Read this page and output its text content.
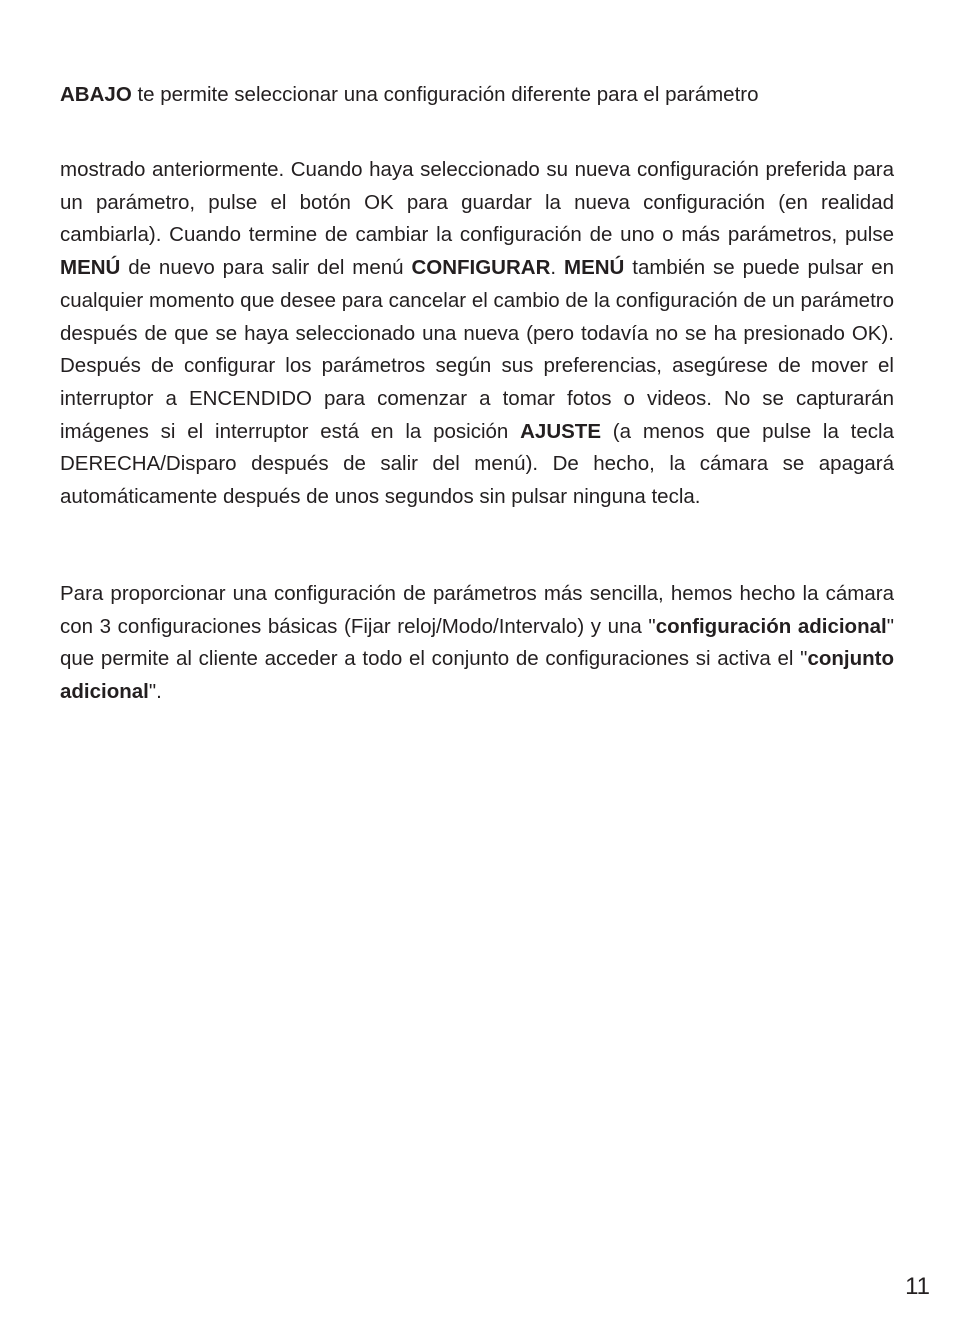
ABAJO te permite seleccionar una configuración diferente para el parámetro

mostrado anteriormente. Cuando haya seleccionado su nueva configuración preferida para un parámetro, pulse el botón OK para guardar la nueva configuración (en realidad cambiarla). Cuando termine de cambiar la configuración de uno o más parámetros, pulse MENÚ de nuevo para salir del menú CONFIGURAR. MENÚ también se puede pulsar en cualquier momento que desee para cancelar el cambio de la configuración de un parámetro después de que se haya seleccionado una nueva (pero todavía no se ha presionado OK). Después de configurar los parámetros según sus preferencias, asegúrese de mover el interruptor a ENCENDIDO para comenzar a tomar fotos o videos. No se capturarán imágenes si el interruptor está en la posición AJUSTE (a menos que pulse la tecla DERECHA/Disparo después de salir del menú). De hecho, la cámara se apagará automáticamente después de unos segundos sin pulsar ninguna tecla.

Para proporcionar una configuración de parámetros más sencilla, hemos hecho la cámara con 3 configuraciones básicas (Fijar reloj/Modo/Intervalo) y una "configuración adicional" que permite al cliente acceder a todo el conjunto de configuraciones si activa el "conjunto adicional".

11
